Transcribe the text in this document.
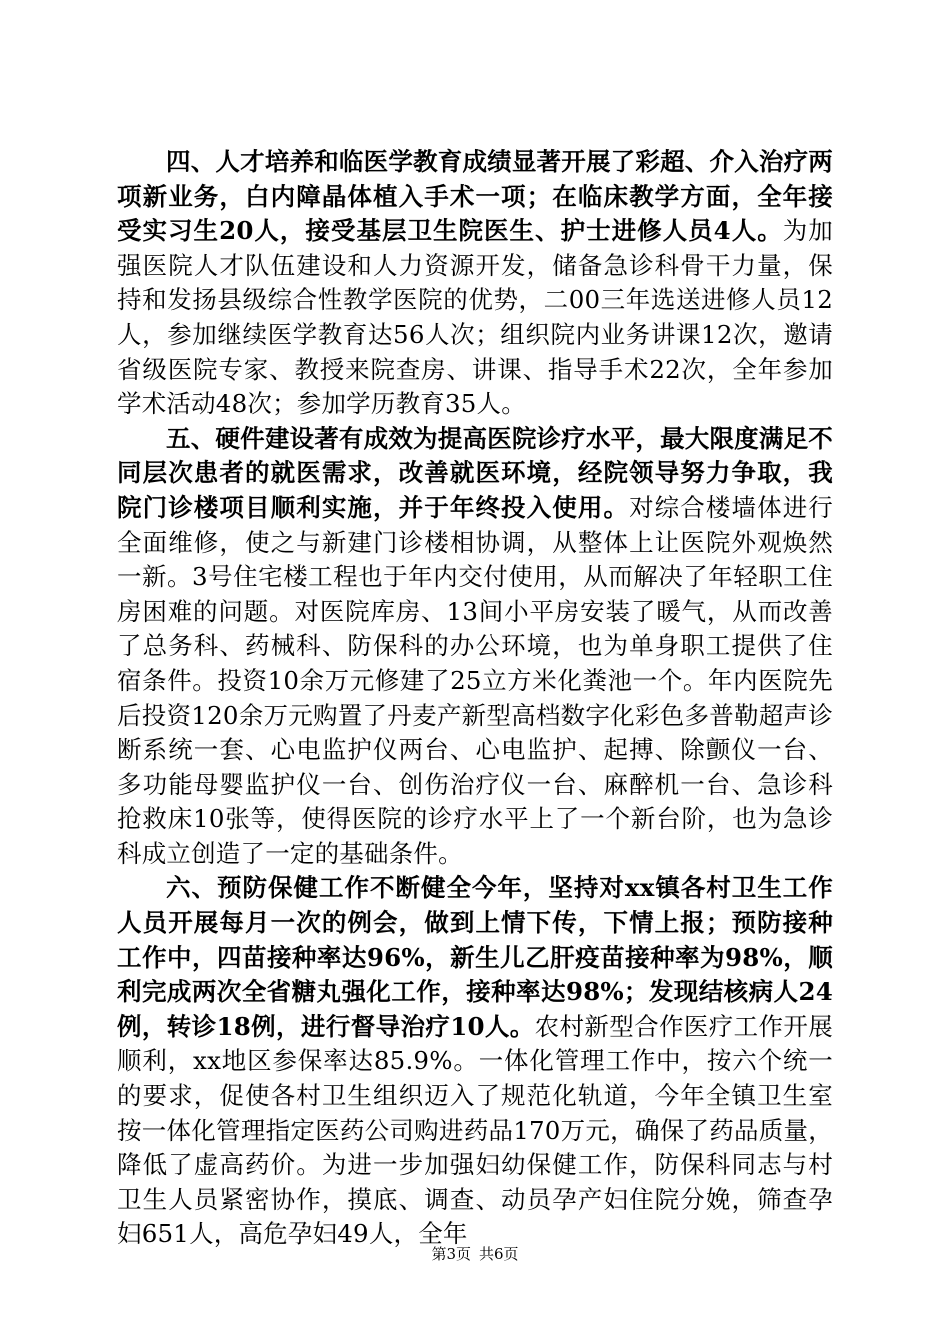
四、人才培养和临医学教育成绩显著开展了彩超、介入治疗两项新业务，白内障晶体植入手术一项；在临床教学方面，全年接受实习生20人，接受基层卫生院医生、护士进修人员4人。为加强医院人才队伍建设和人力资源开发，储备急诊科骨干力量，保持和发扬县级综合性教学医院的优势，二00三年选送进修人员12人，参加继续医学教育达56人次；组织院内业务讲课12次，邀请省级医院专家、教授来院查房、讲课、指导手术22次，全年参加学术活动48次；参加学历教育35人。

五、硬件建设著有成效为提高医院诊疗水平，最大限度满足不同层次患者的就医需求，改善就医环境，经院领导努力争取，我院门诊楼项目顺利实施，并于年终投入使用。对综合楼墙体进行全面维修，使之与新建门诊楼相协调，从整体上让医院外观焕然一新。3号住宅楼工程也于年内交付使用，从而解决了年轻职工住房困难的问题。对医院库房、13间小平房安装了暖气，从而改善了总务科、药械科、防保科的办公环境，也为单身职工提供了住宿条件。投资10余万元修建了25立方米化粪池一个。年内医院先后投资120余万元购置了丹麦产新型高档数字化彩色多普勒超声诊断系统一套、心电监护仪两台、心电监护、起搏、除颤仪一台、多功能母婴监护仪一台、创伤治疗仪一台、麻醉机一台、急诊科抢救床10张等，使得医院的诊疗水平上了一个新台阶，也为急诊科成立创造了一定的基础条件。

六、预防保健工作不断健全今年，坚持对xx镇各村卫生工作人员开展每月一次的例会，做到上情下传，下情上报；预防接种工作中，四苗接种率达96%，新生儿乙肝疫苗接种率为98%，顺利完成两次全省糖丸强化工作，接种率达98%；发现结核病人24例，转诊18例，进行督导治疗10人。农村新型合作医疗工作开展顺利，xx地区参保率达85.9%。一体化管理工作中，按六个统一的要求，促使各村卫生组织迈入了规范化轨道，今年全镇卫生室按一体化管理指定医药公司购进药品170万元，确保了药品质量，降低了虚高药价。为进一步加强妇幼保健工作，防保科同志与村卫生人员紧密协作，摸底、调查、动员孕产妇住院分娩，筛查孕妇651人，高危孕妇49人，全年

第3页 共6页
